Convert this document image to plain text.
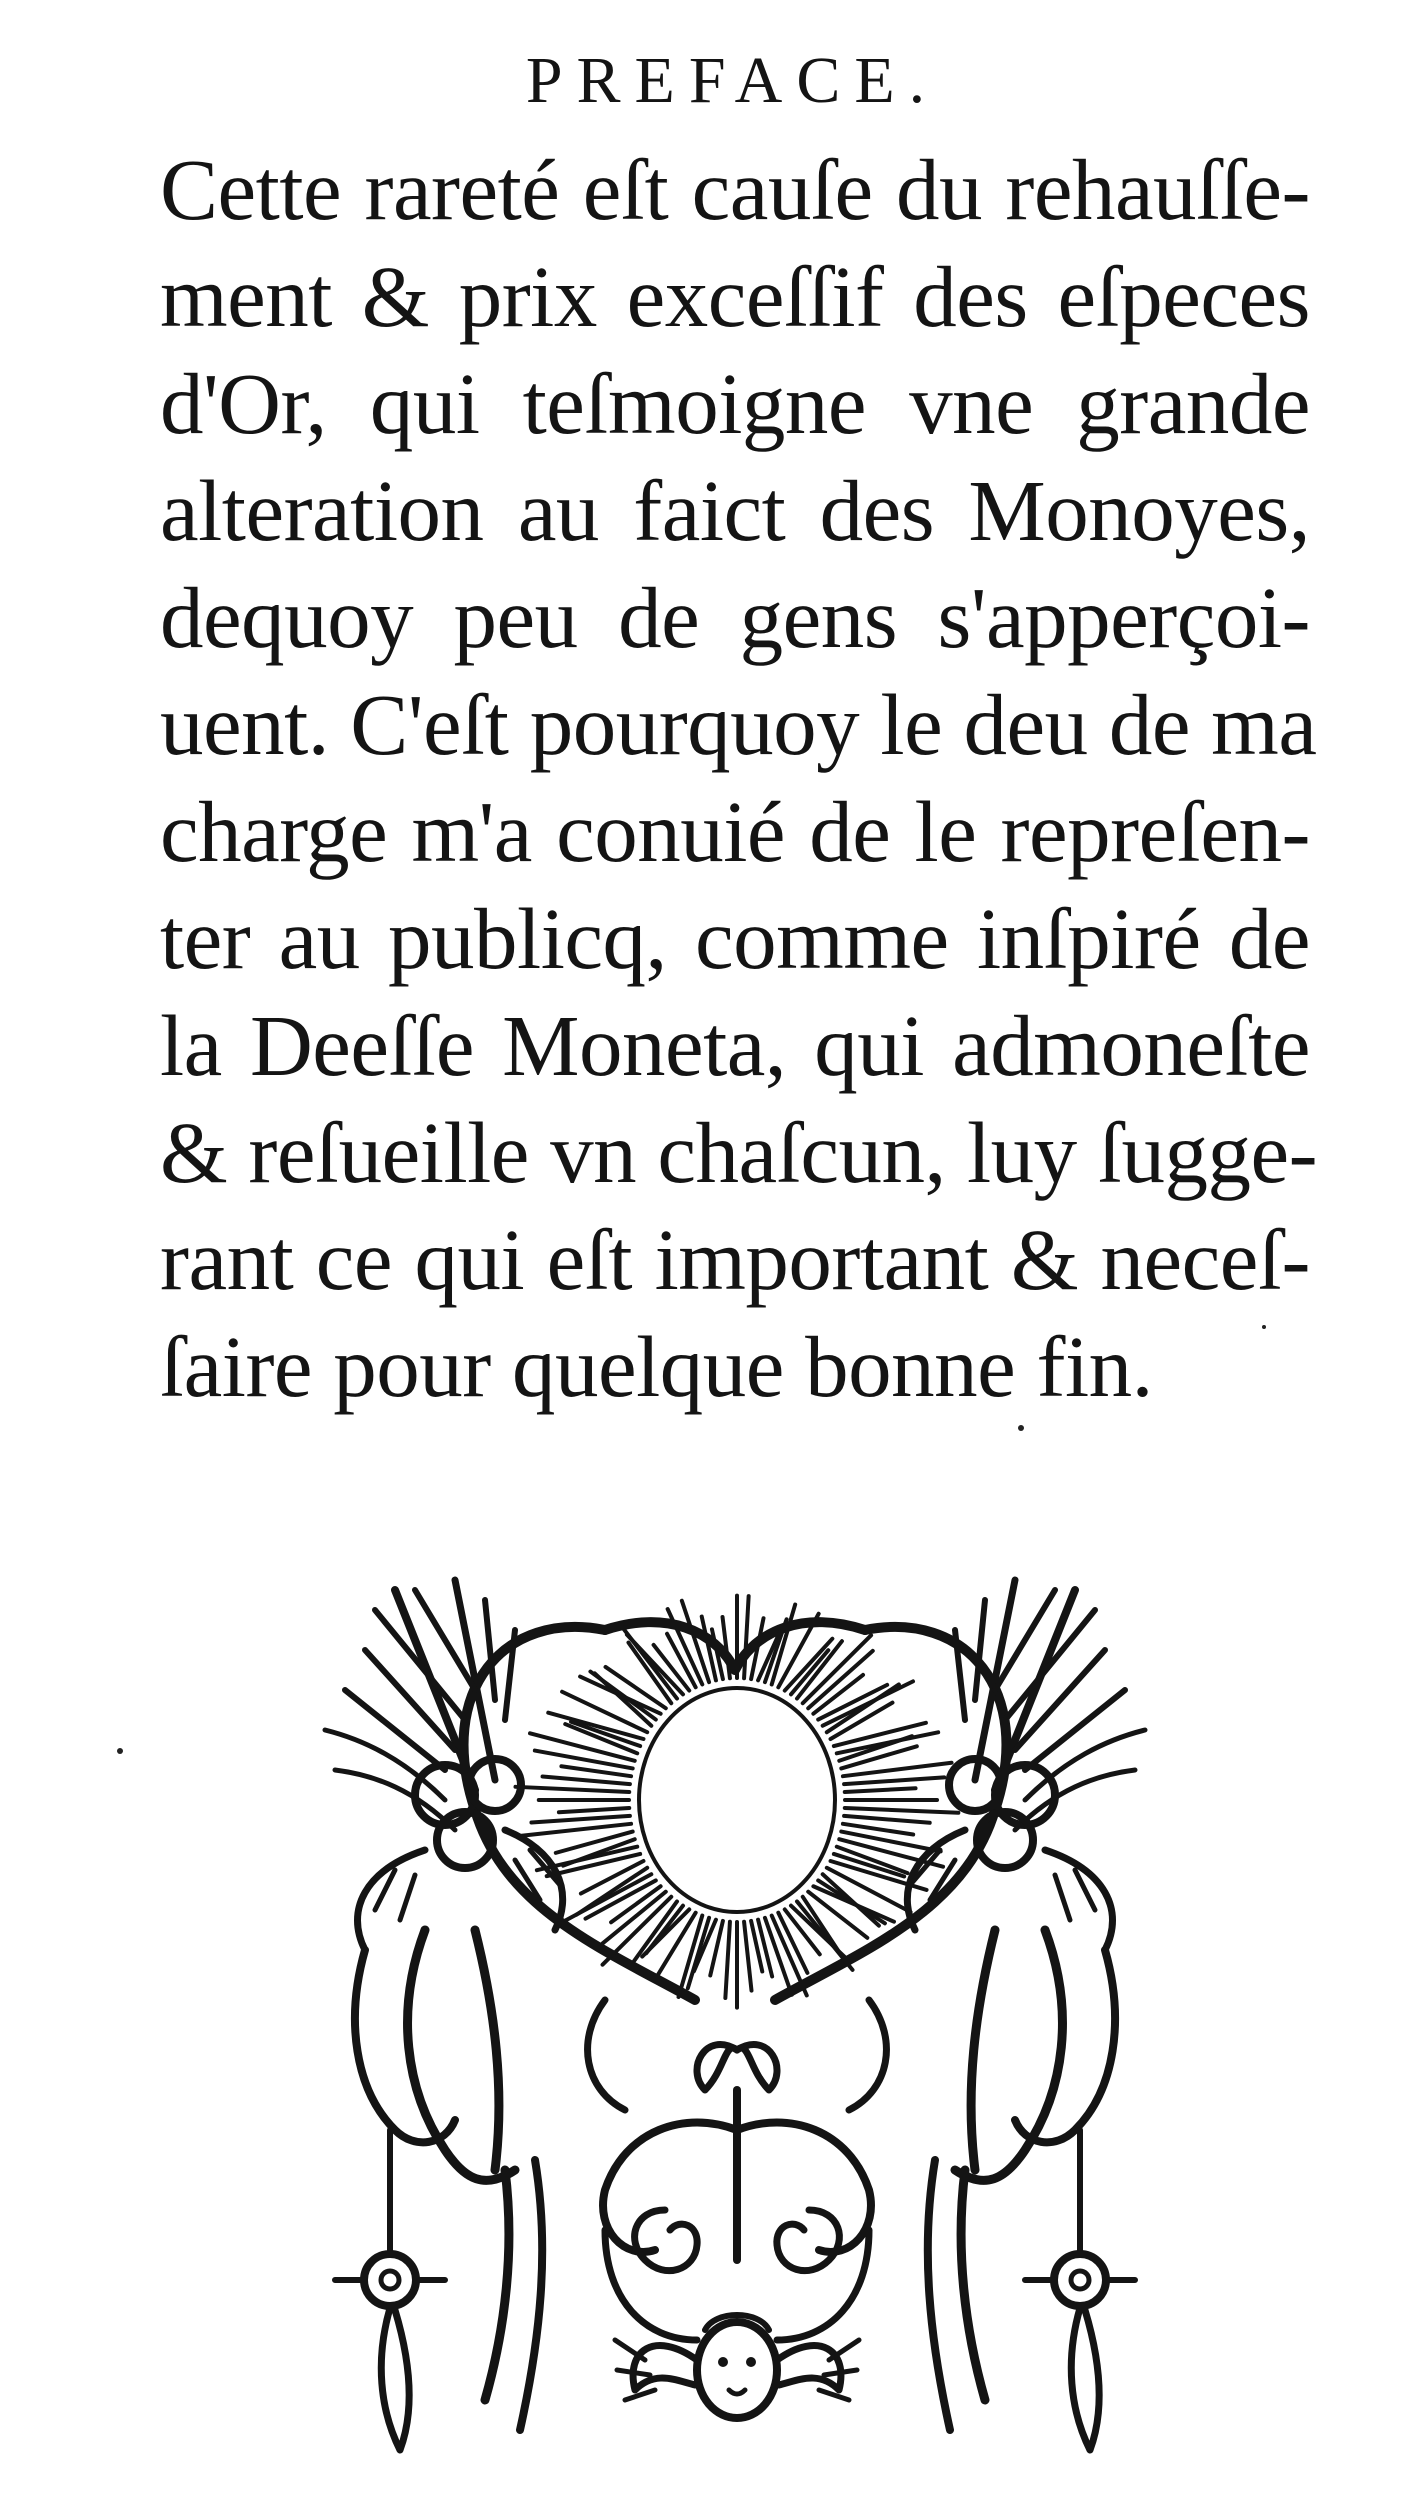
PREFACE.
Cette rareté eſt cauſe du rehauſſe-
ment & prix exceſſif des eſpeces
d'Or, qui teſmoigne vne grande
alteration au faict des Monoyes,
dequoy peu de gens s'apperçoi-
uent. C'eſt pourquoy le deu de ma
charge m'a conuié de le repreſen-
ter au publicq, comme inſpiré de
la Deeſſe Moneta, qui admoneſte
& reſueille vn chaſcun, luy ſugge-
rant ce qui eſt important & neceſ-
ſaire pour quelque bonne fin.
